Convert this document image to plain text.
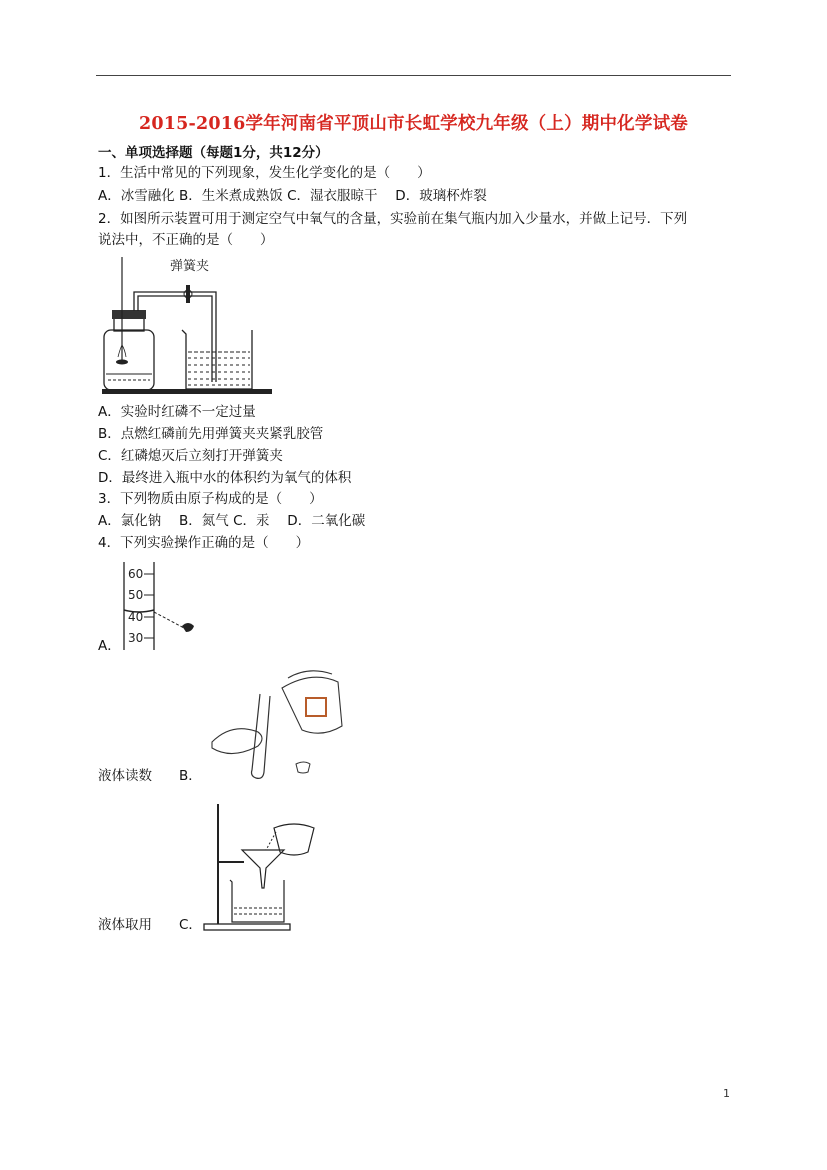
2015-2016学年河南省平顶山市长虹学校九年级（上）期中化学试卷
一、单项选择题（每题1分，共12分）
1．生活中常见的下列现象，发生化学变化的是（　　）
A．冰雪融化 B．生米煮成熟饭 C．湿衣服晾干　 D．玻璃杯炸裂
2．如图所示装置可用于测定空气中氧气的含量，实验前在集气瓶内加入少量水，并做上记号．下列
说法中，不正确的是（　　）
弹簧夹
A．实验时红磷不一定过量
B．点燃红磷前先用弹簧夹夹紧乳胶管
C．红磷熄灭后立刻打开弹簧夹
D．最终进入瓶中水的体积约为氧气的体积
3．下列物质由原子构成的是（　　）
A．氯化钠　 B．氮气 C．汞　 D．二氧化碳
4．下列实验操作正确的是（　　）
60
50
40
30
A．
液体读数　　B．
液体取用　　C．
1
